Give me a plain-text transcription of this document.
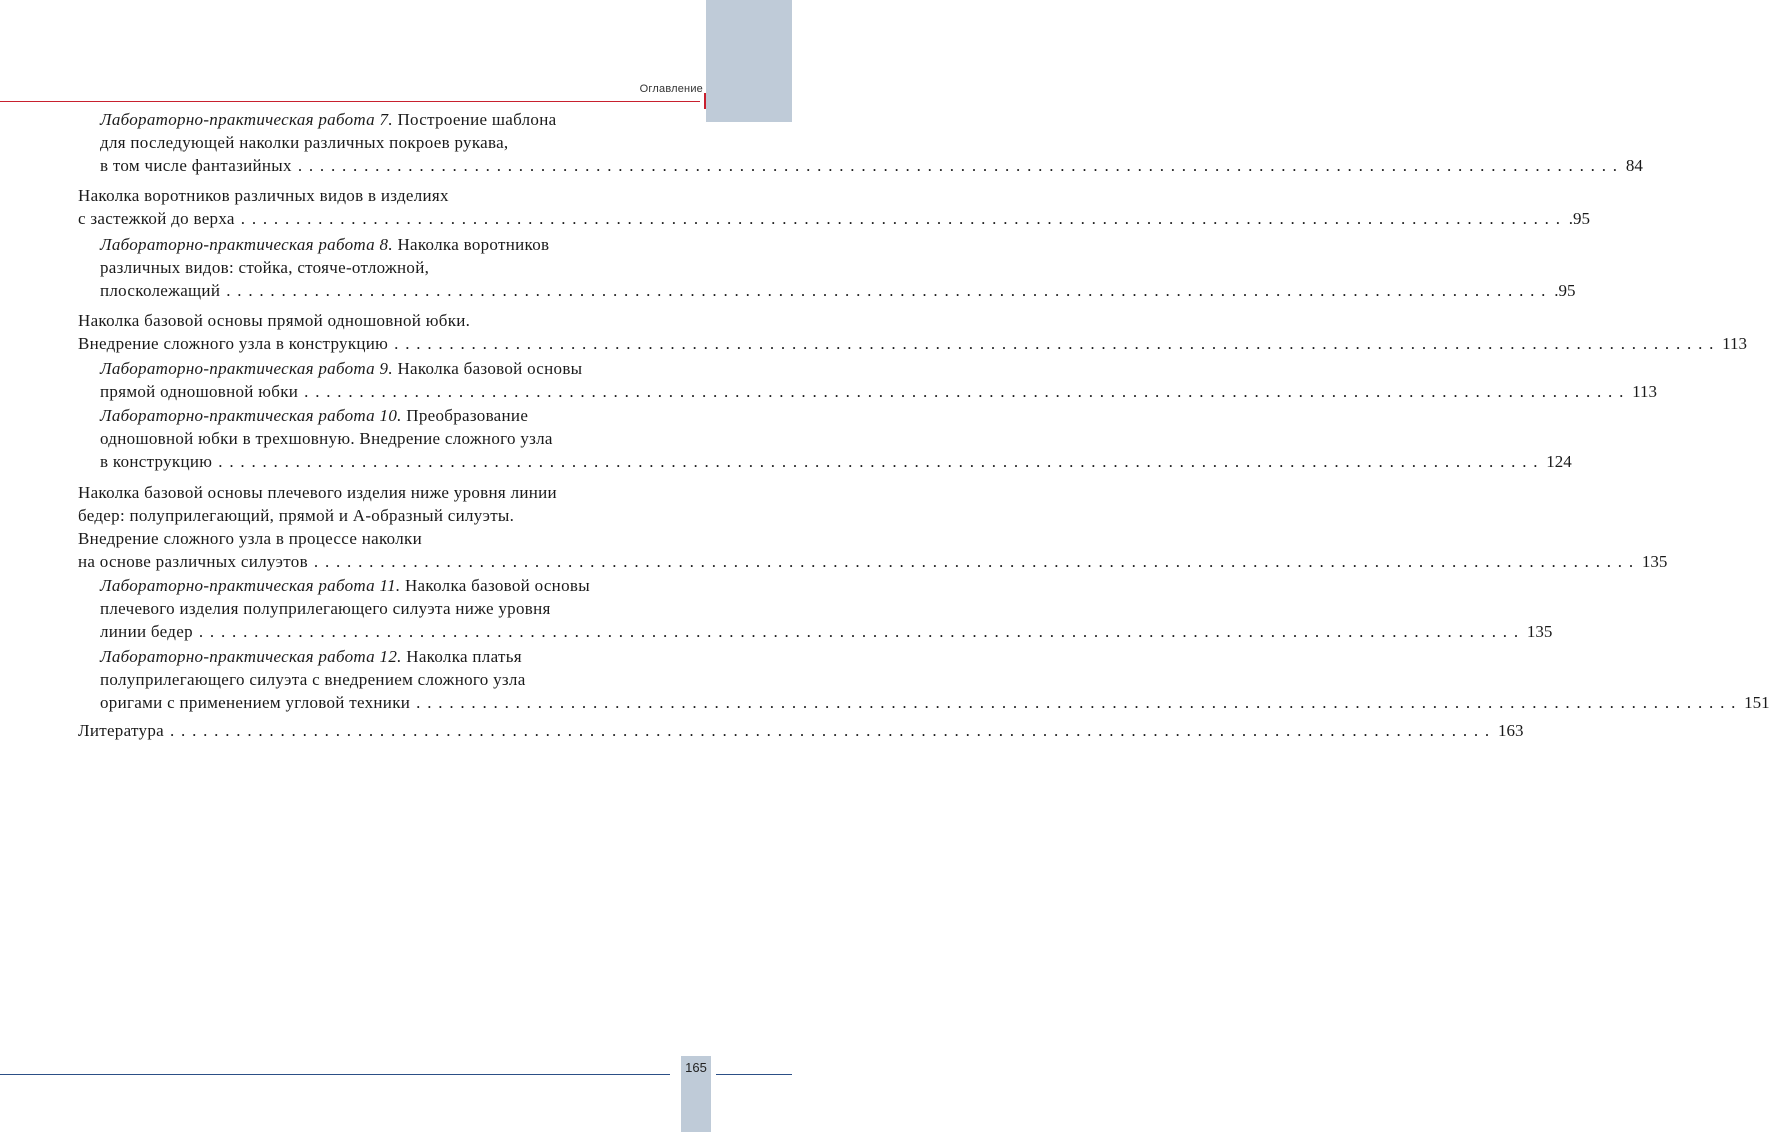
Оглавление
Лабораторно-практическая работа 7. Построение шаблона
для последующей наколки различных покроев рукава,
в том числе фантазийных ........................................................................................................................ 84
Наколка воротников различных видов в изделиях
с застежкой до верха ........................................................................................................................ .95
Лабораторно-практическая работа 8. Наколка воротников
различных видов: стойка, стояче-отложной,
плосколежащий ........................................................................................................................ .95
Наколка базовой основы прямой одношовной юбки.
Внедрение сложного узла в конструкцию ........................................................................................................................ 113
Лабораторно-практическая работа 9. Наколка базовой основы
прямой одношовной юбки ........................................................................................................................ 113
Лабораторно-практическая работа 10. Преобразование
одношовной юбки в трехшовную. Внедрение сложного узла
в конструкцию ........................................................................................................................ 124
Наколка базовой основы плечевого изделия ниже уровня линии
бедер: полуприлегающий, прямой и А-образный силуэты.
Внедрение сложного узла в процессе наколки
на основе различных силуэтов ........................................................................................................................ 135
Лабораторно-практическая работа 11. Наколка базовой основы
плечевого изделия полуприлегающего силуэта ниже уровня
линии бедер ........................................................................................................................ 135
Лабораторно-практическая работа 12. Наколка платья
полуприлегающего силуэта с внедрением сложного узла
оригами с применением угловой техники ........................................................................................................................ 151
Литература ........................................................................................................................ 163
165
